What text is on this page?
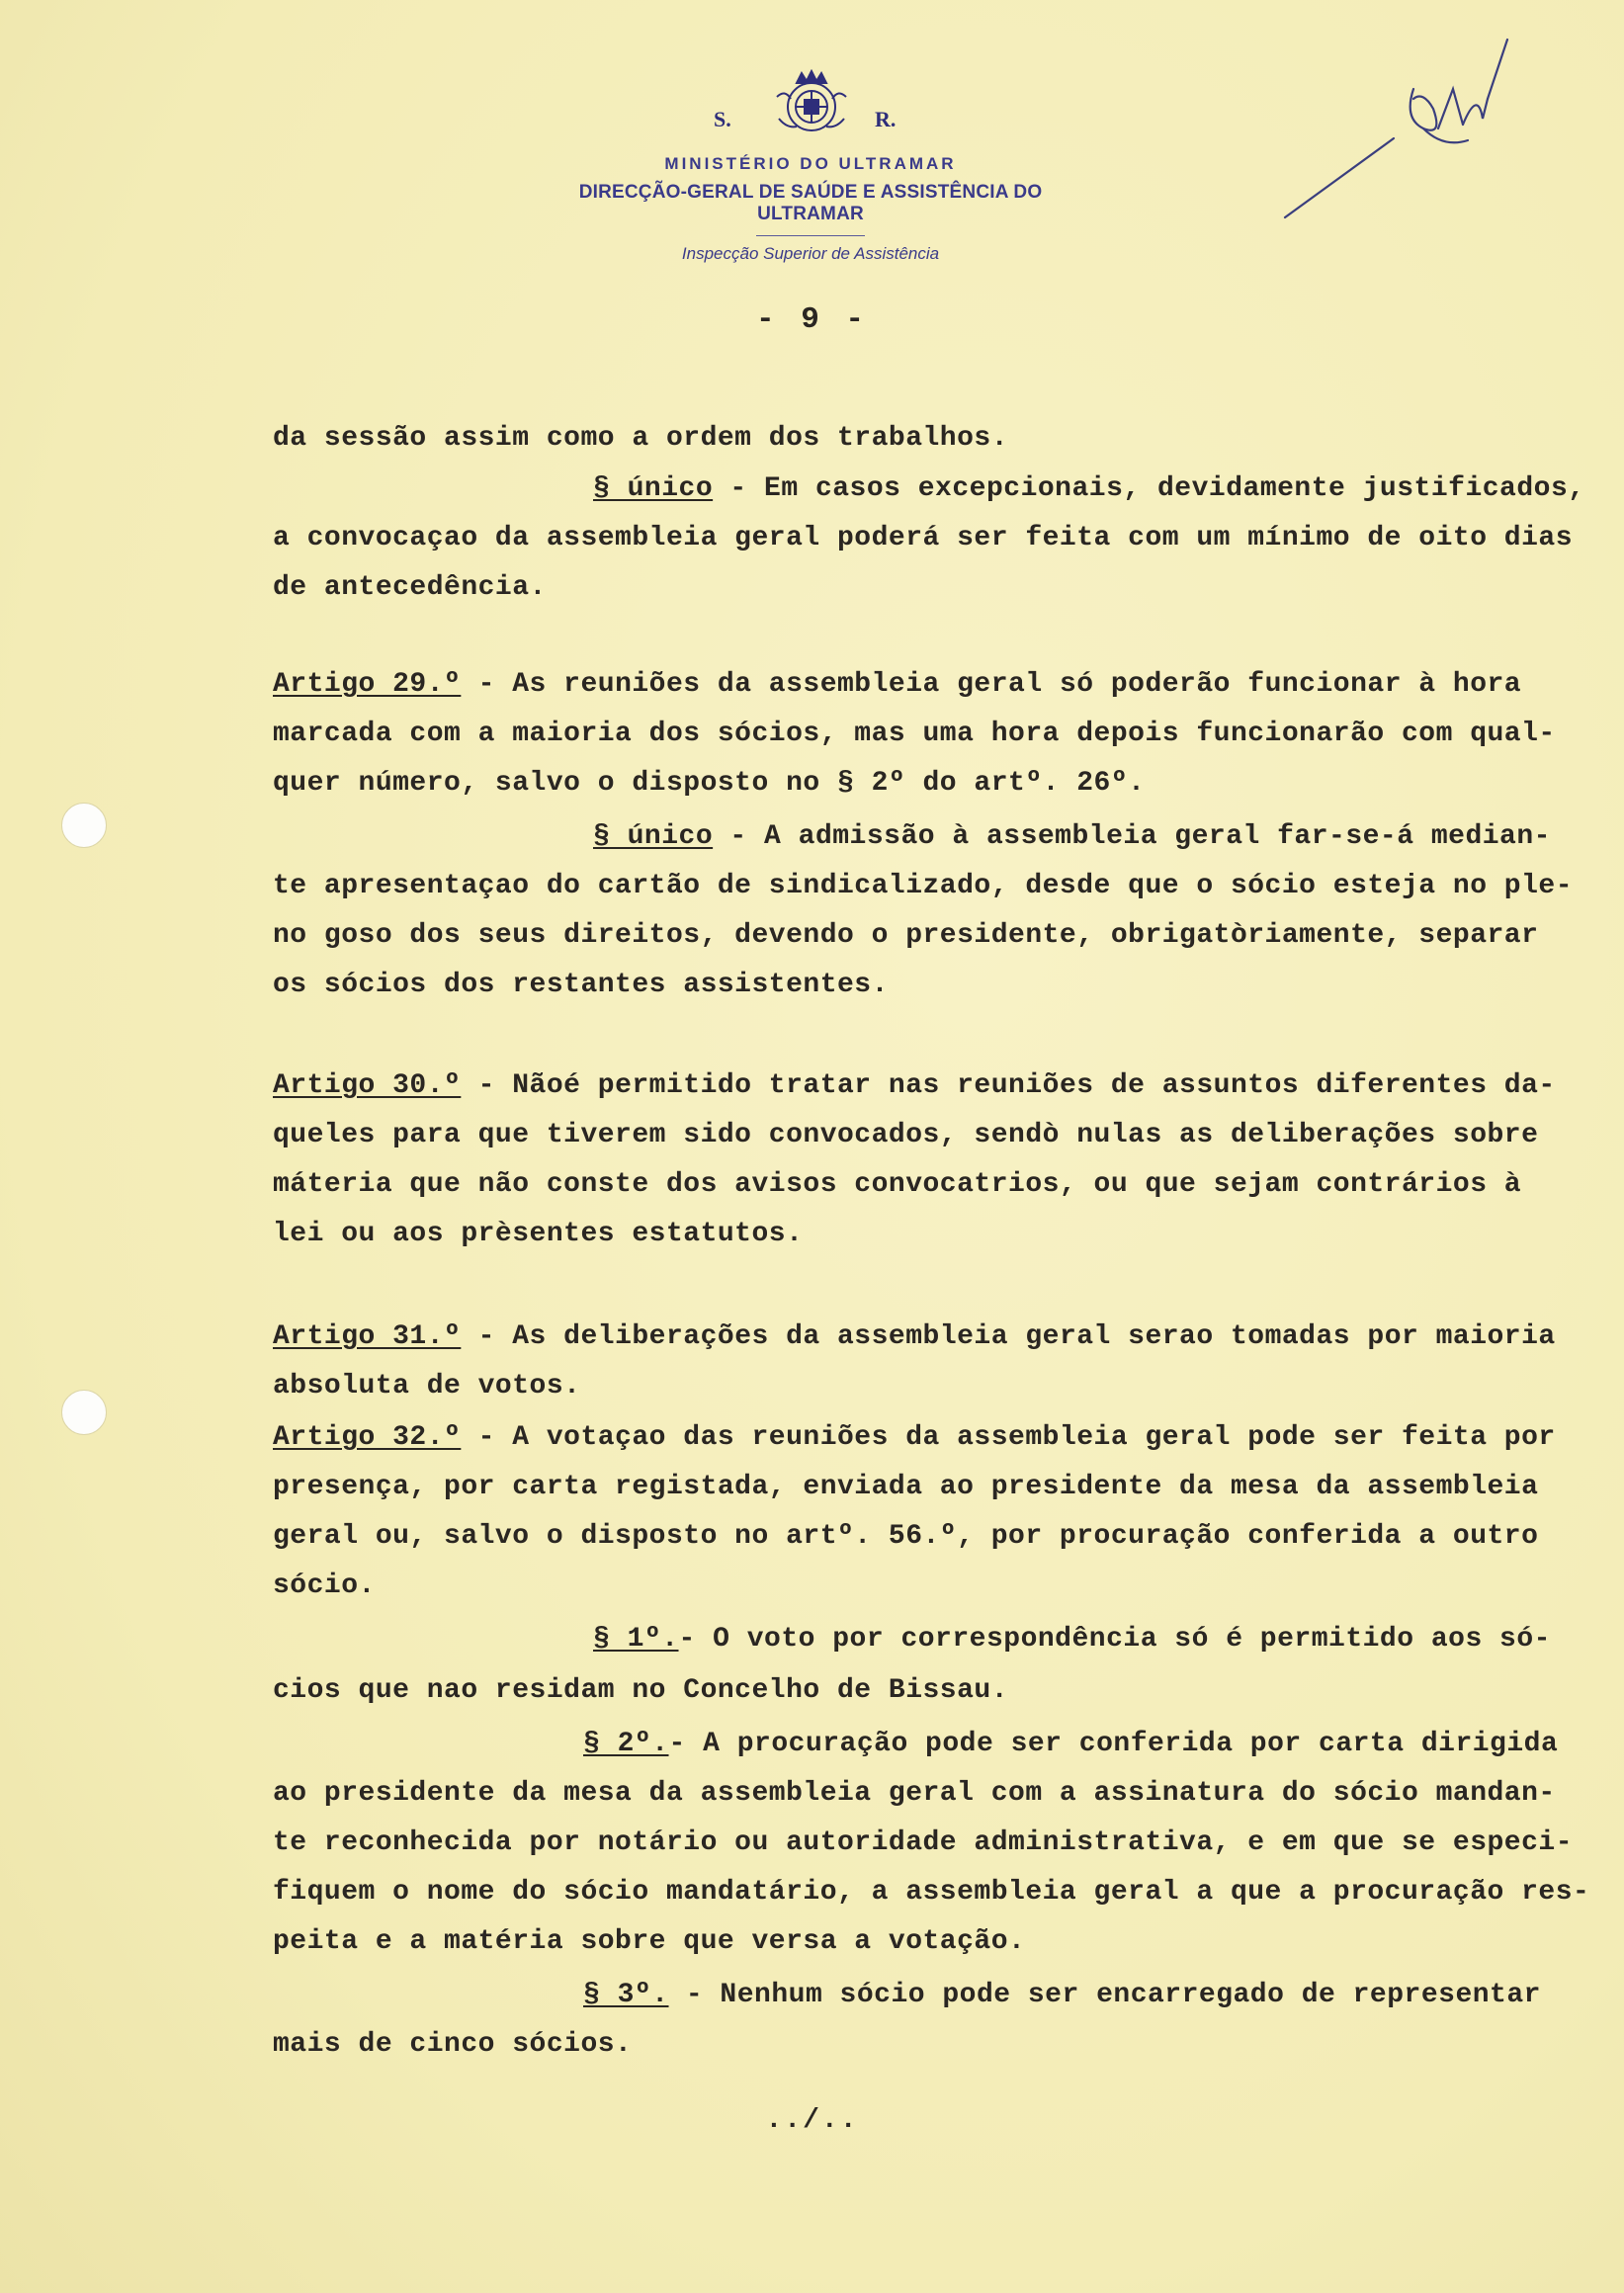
S.	R.
MINISTÉRIO DO ULTRAMAR
DIRECÇÃO-GERAL DE SAÚDE E ASSISTÊNCIA DO ULTRAMAR
Inspecção Superior de Assistência
- 9 -
da sessão assim como a ordem dos trabalhos.
§ único - Em casos excepcionais, devidamente justificados,
a convocaçao da assembleia geral poderá ser feita com um mínimo de oito dias
de antecedência.
Artigo 29.º - As reuniões da assembleia geral só poderão funcionar à hora
marcada com a maioria dos sócios, mas uma hora depois funcionarão com qual-
quer número, salvo o disposto no § 2º do artº. 26º.
§ único - A admissão à assembleia geral far-se-á median-
te apresentaçao do cartão de sindicalizado, desde que o sócio esteja no ple-
no goso dos seus direitos, devendo o presidente, obrigatòriamente, separar
os sócios dos restantes assistentes.
Artigo 30.º - Nãoé permitido tratar nas reuniões de assuntos diferentes da-
queles para que tiverem sido convocados, sendò nulas as deliberações sobre
máteria que não conste dos avisos convocatrios, ou que sejam contrários à
lei ou aos prèsentes estatutos.
Artigo 31.º - As deliberações da assembleia geral serao tomadas por maioria
absoluta de votos.
Artigo 32.º - A votaçao das reuniões da assembleia geral pode ser feita por
presença, por carta registada, enviada ao presidente da mesa da assembleia
geral ou, salvo o disposto no artº. 56.º, por procuração conferida a outro
sócio.
§ 1º.- O voto por correspondência só é permitido aos só-
cios que nao residam no Concelho de Bissau.
§ 2º.- A procuração pode ser conferida por carta dirigida
ao presidente da mesa da assembleia geral com a assinatura do sócio mandan-
te reconhecida por notário ou autoridade administrativa, e em que se especi-
fiquem o nome do sócio mandatário, a assembleia geral a que a procuração res-
peita e a matéria sobre que versa a votação.
§ 3º. - Nenhum sócio pode ser encarregado de representar
mais de cinco sócios.
../..
